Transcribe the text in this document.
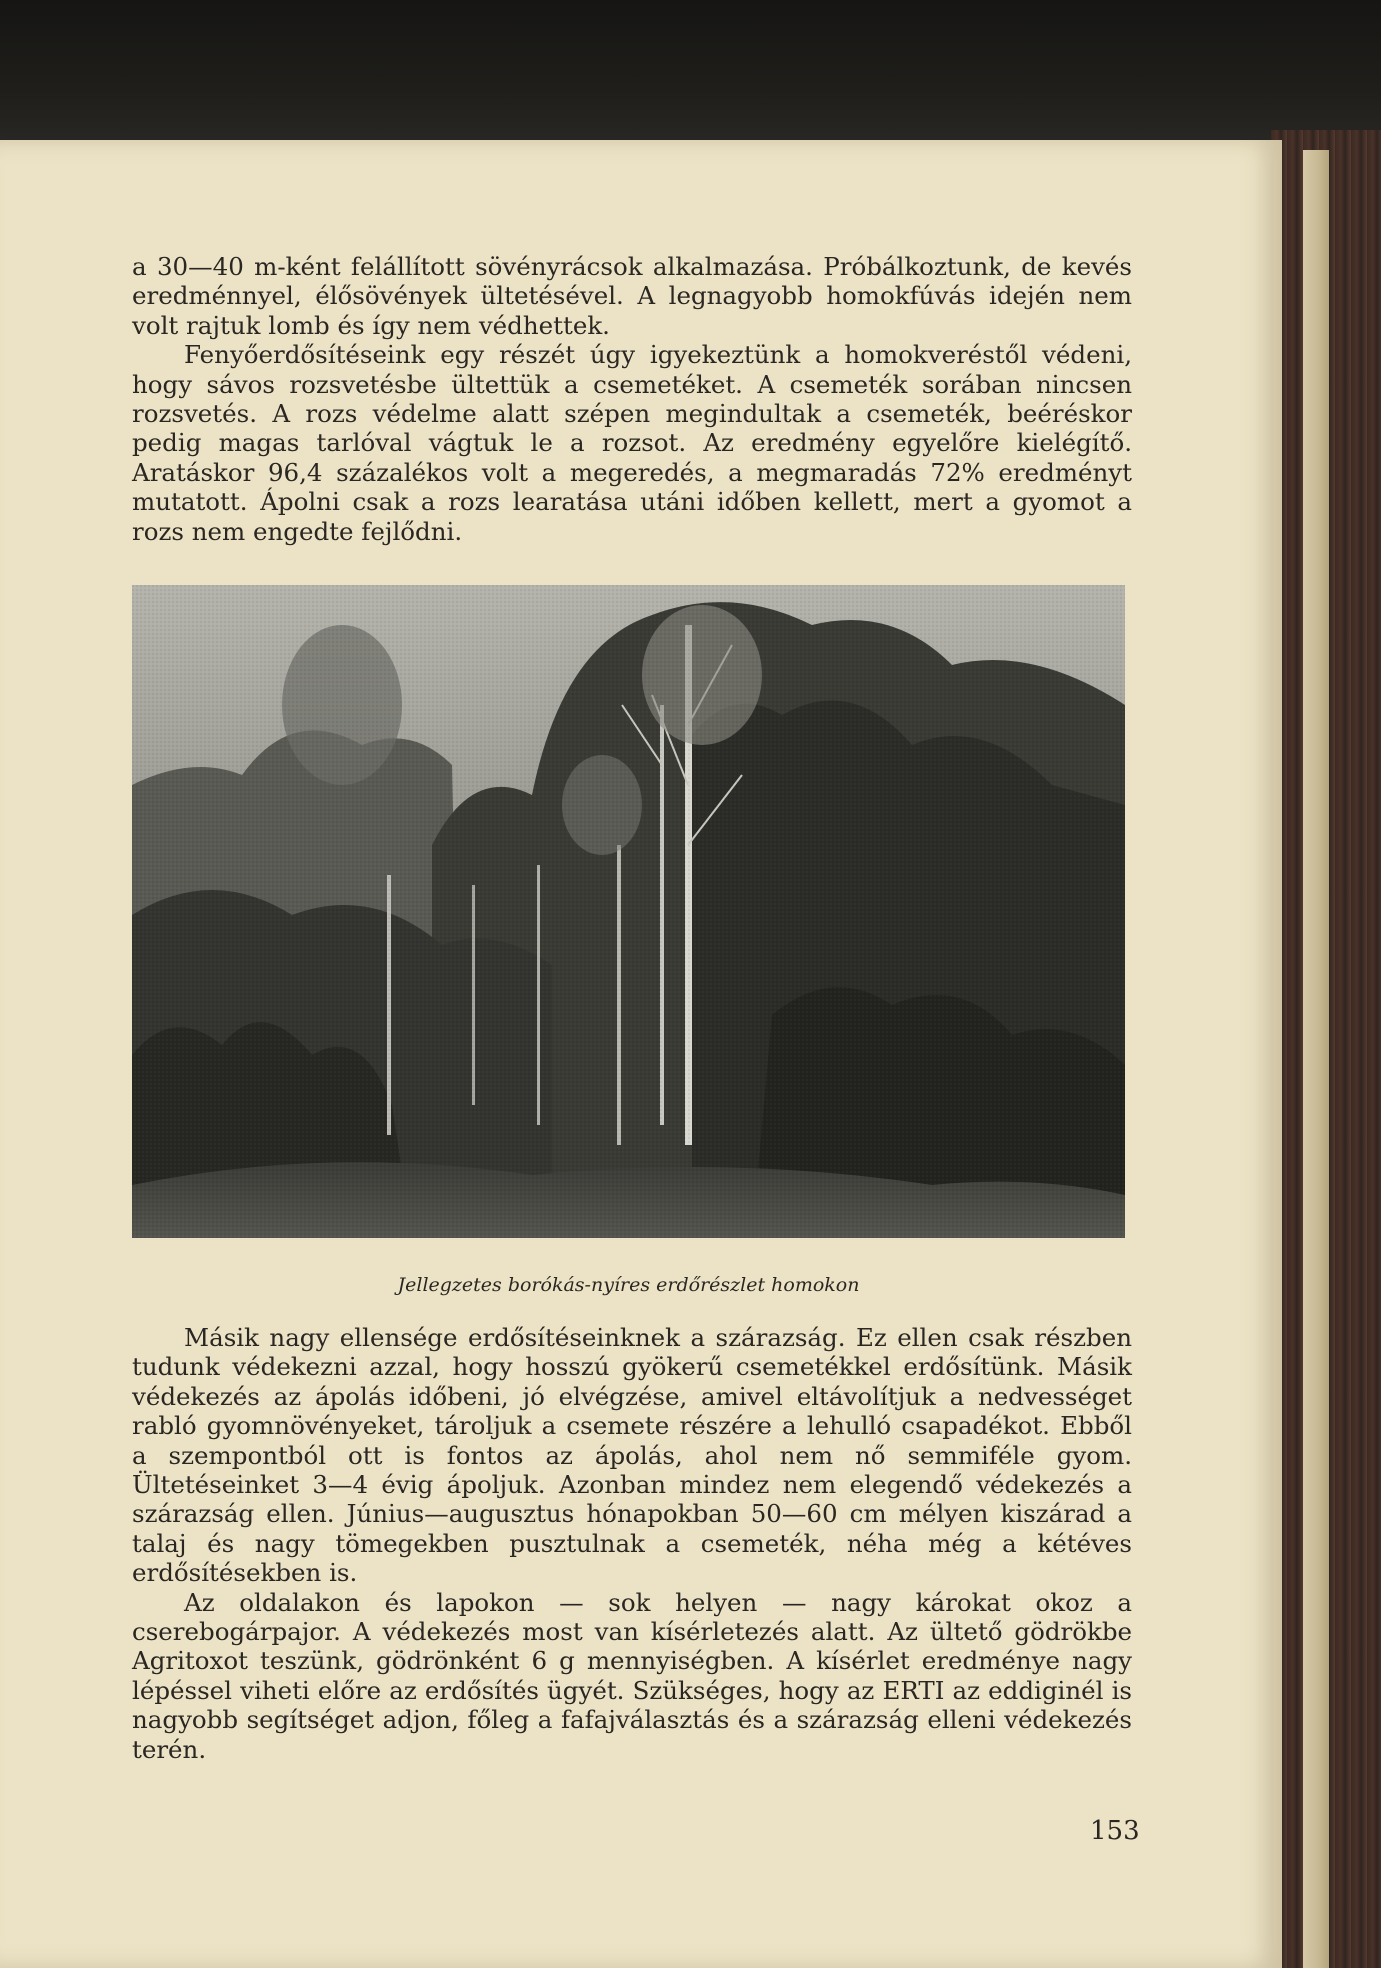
a 30—40 m-ként felállított sövényrácsok alkalmazása. Próbálkoztunk, de kevés eredménnyel, élősövények ültetésével. A legnagyobb homokfúvás idején nem volt rajtuk lomb és így nem védhettek.

Fenyőerdősítéseink egy részét úgy igyekeztünk a homokveréstől védeni, hogy sávos rozsvetésbe ültettük a csemetéket. A csemeték sorában nincsen rozsvetés. A rozs védelme alatt szépen megindultak a csemeték, beéréskor pedig magas tarlóval vágtuk le a rozsot. Az eredmény egyelőre kielégítő. Aratáskor 96,4 százalékos volt a megeredés, a megmaradás 72% eredményt mutatott. Ápolni csak a rozs learatása utáni időben kellett, mert a gyomot a rozs nem engedte fejlődni.

Jellegzetes borókás-nyíres erdőrészlet homokon

Másik nagy ellensége erdősítéseinknek a szárazság. Ez ellen csak részben tudunk védekezni azzal, hogy hosszú gyökerű csemetékkel erdősítünk. Másik védekezés az ápolás időbeni, jó elvégzése, amivel eltávolítjuk a nedvességet rabló gyomnövényeket, tároljuk a csemete részére a lehulló csapadékot. Ebből a szempontból ott is fontos az ápolás, ahol nem nő semmiféle gyom. Ültetéseinket 3—4 évig ápoljuk. Azonban mindez nem elegendő védekezés a szárazság ellen. Június—augusztus hónapokban 50—60 cm mélyen kiszárad a talaj és nagy tömegekben pusztulnak a csemeték, néha még a kétéves erdősítésekben is.

Az oldalakon és lapokon — sok helyen — nagy károkat okoz a cserebogárpajor. A védekezés most van kísérletezés alatt. Az ültető gödrökbe Agritoxot teszünk, gödrönként 6 g mennyiségben. A kísérlet eredménye nagy lépéssel viheti előre az erdősítés ügyét. Szükséges, hogy az ERTI az eddiginél is nagyobb segítséget adjon, főleg a fafajválasztás és a szárazság elleni védekezés terén.

153
